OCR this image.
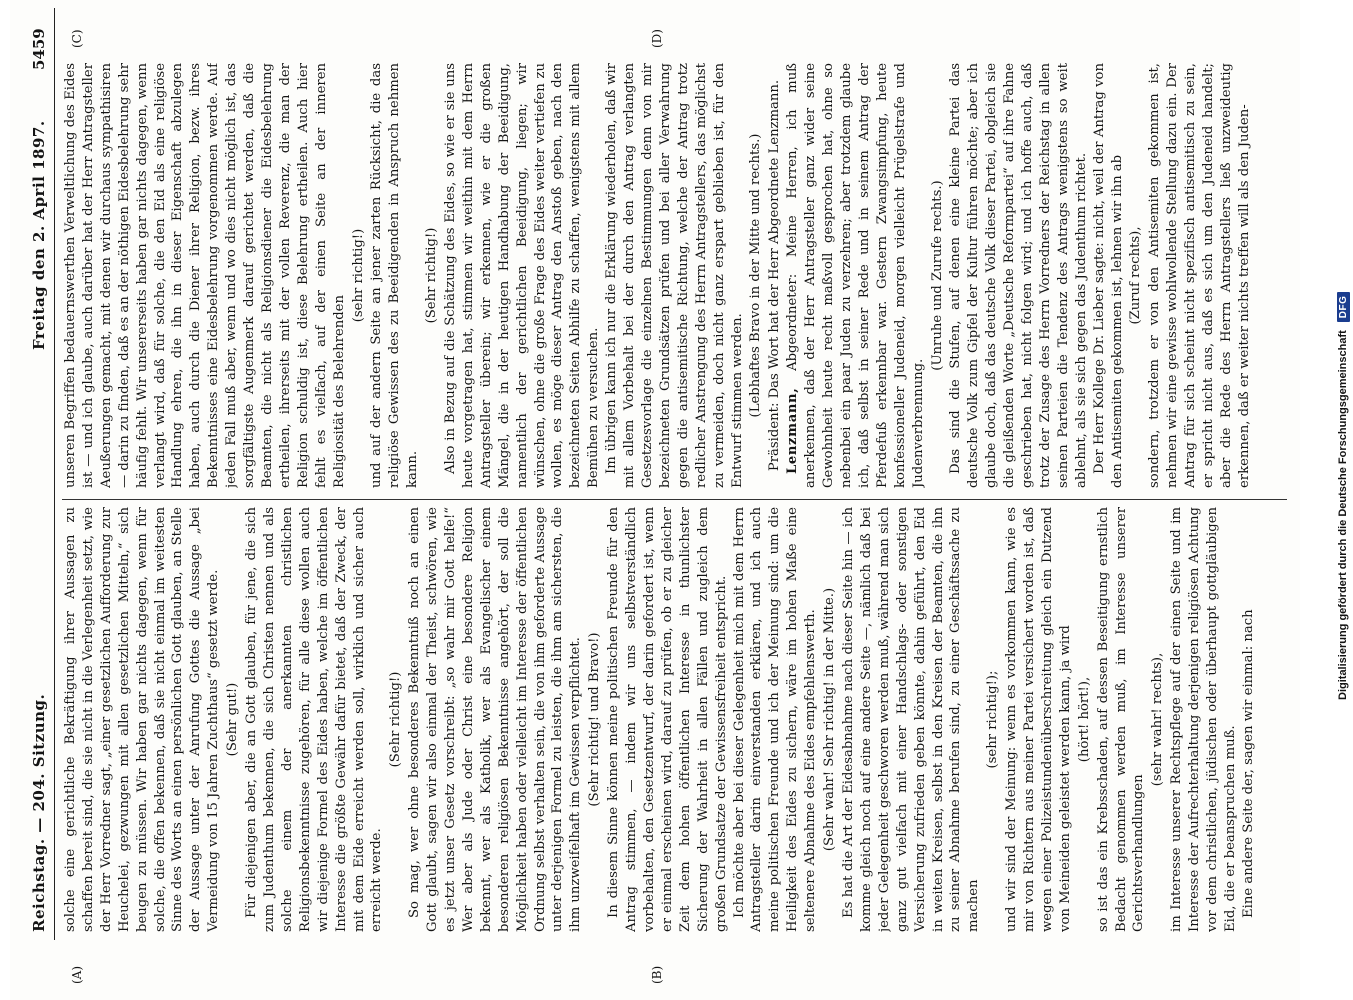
Reichstag. — 204. Sitzung.
Freitag den 2. April 1897.
5459
(A)	(B)
(C)	(D)

solche eine gerichtliche Bekräftigung ihrer Aussagen zu schaffen bereit sind, die sie nicht in die Verlegenheit setzt, wie der Herr Vorredner sagt, „einer gesetzlichen Aufforderung zur Heuchelei, gezwungen mit allen gesetzlichen Mitteln,“ sich beugen zu müssen. Wir haben gar nichts dagegen, wenn für solche, die offen bekennen, daß sie nicht einmal im weitesten Sinne des Worts an einen persönlichen Gott glauben, an Stelle der Aussage unter der Anrufung Gottes die Aussage „bei Vermeidung von 15 Jahren Zuchthaus“ gesetzt werde. (Sehr gut!) Für diejenigen aber, die an Gott glauben, für jene, die sich zum Judenthum bekennen, die sich Christen nennen und als solche einem der anerkannten christlichen Religionsbekenntnisse zugehören, für alle diese wollen auch wir diejenige Formel des Eides haben, welche im öffentlichen Interesse die größte Gewähr dafür bietet, daß der Zweck, der mit dem Eide erreicht werden soll, wirklich und sicher auch erreicht werde.

(Sehr richtig!) So mag, wer ohne besonderes Bekenntniß noch an einen Gott glaubt, sagen wir also einmal der Theist, schwören, wie es jetzt unser Gesetz vorschreibt: „so wahr mir Gott helfe!“ Wer aber als Jude oder Christ eine besondere Religion bekennt, wer als Katholik, wer als Evangelischer einem besonderen religiösen Bekenntnisse angehört, der soll die Möglichkeit haben oder vielleicht im Interesse der öffentlichen Ordnung selbst verhalten sein, die von ihm geforderte Aussage unter derjenigen Formel zu leisten, die ihm am sichersten, die ihm unzweifelhaft im Gewissen verpflichtet. (Sehr richtig! und Bravo!) In diesem Sinne können meine politischen Freunde für den Antrag stimmen, — indem wir uns selbstverständlich vorbehalten, den Gesetzentwurf, der darin gefordert ist, wenn er einmal erscheinen wird, darauf zu prüfen, ob er zu gleicher Zeit dem hohen öffentlichen Interesse in thunlichster Sicherung der Wahrheit in allen Fällen und zugleich dem großen Grundsatze der Gewissensfreiheit entspricht. Ich möchte aber bei dieser Gelegenheit mich mit dem Herrn Antragsteller darin einverstanden erklären, und ich auch meine politischen Freunde und ich der Meinung sind: um die Heiligkeit des Eides zu sichern, wäre im hohen Maße eine seltenere Abnahme des Eides empfehlenswerth. (Sehr wahr! Sehr richtig! in der Mitte.) Es hat die Art der Eidesabnahme nach dieser Seite hin — ich komme gleich noch auf eine andere Seite —, nämlich daß bei jeder Gelegenheit geschworen werden muß, während man sich ganz gut vielfach mit einer Handschlags- oder sonstigen Versicherung zufrieden geben könnte, dahin geführt, den Eid in weiten Kreisen, selbst in den Kreisen der Beamten, die ihn zu seiner Abnahme berufen sind, zu einer Geschäftssache zu machen

(sehr richtig!); und wir sind der Meinung: wenn es vorkommen kann, wie es mir von Richtern aus meiner Partei versichert worden ist, daß wegen einer Polizeistundenüberschreitung gleich ein Dutzend von Meineiden geleistet werden kann, ja wird (hört! hört!), so ist das ein Krebsschaden, auf dessen Beseitigung ernstlich Bedacht genommen werden muß, im Interesse unserer Gerichtsverhandlungen

(sehr wahr! rechts), im Interesse unserer Rechtspflege auf der einen Seite und im Interesse der Aufrechterhaltung derjenigen religiösen Achtung vor dem christlichen, jüdischen oder überhaupt gottgläubigen Eid, die er beanspruchen muß. Eine andere Seite der, sagen wir einmal: nach

unseren Begriffen bedauernswerthen Verweltlichung des Eides ist — und ich glaube, auch darüber hat der Herr Antragsteller Aeußerungen gemacht, mit denen wir durchaus sympathisiren — darin zu finden, daß es an der nöthigen Eidesbelehrung sehr häufig fehlt. Wir unsererseits haben gar nichts dagegen, wenn verlangt wird, daß für solche, die den Eid als eine religiöse Handlung ehren, die ihn in dieser Eigenschaft abzulegen haben, auch durch die Diener ihrer Religion, bezw. ihres Bekenntnisses eine Eidesbelehrung vorgenommen werde. Auf jeden Fall muß aber, wenn und wo dies nicht möglich ist, das sorgfältigste Augenmerk darauf gerichtet werden, daß die Beamten, die nicht als Religionsdiener die Eidesbelehrung ertheilen, ihrerseits mit der vollen Reverenz, die man der Religion schuldig ist, diese Belehrung ertheilen. Auch hier fehlt es vielfach, auf der einen Seite an der inneren Religiosität des Belehrenden

(sehr richtig!) und auf der andern Seite an jener zarten Rücksicht, die das religiöse Gewissen des zu Beeidigenden in Anspruch nehmen kann.

(Sehr richtig!) Also in Bezug auf die Schätzung des Eides, so wie er sie uns heute vorgetragen hat, stimmen wir weithin mit dem Herrn Antragsteller überein; wir erkennen, wie er die großen Mängel, die in der heutigen Handhabung der Beeidigung, namentlich der gerichtlichen Beeidigung, liegen; wir wünschen, ohne die große Frage des Eides weiter vertiefen zu wollen, es möge dieser Antrag den Anstoß geben, nach den bezeichneten Seiten Abhilfe zu schaffen, wenigstens mit allem Bemühen zu versuchen. Im übrigen kann ich nur die Erklärung wiederholen, daß wir mit allem Vorbehalt bei der durch den Antrag verlangten Gesetzesvorlage die einzelnen Bestimmungen denn von mir bezeichneten Grundsätzen prüfen und bei aller Verwahrung gegen die antisemitische Richtung, welche der Antrag trotz redlicher Anstrengung des Herrn Antragstellers, das möglichst zu vermeiden, doch nicht ganz erspart geblieben ist, für den Entwurf stimmen werden. (Lebhaftes Bravo in der Mitte und rechts.) Präsident: Das Wort hat der Herr Abgeordnete Lenzmann. Lenzmann, Abgeordneter: Meine Herren, ich muß anerkennen, daß der Herr Antragsteller ganz wider seine Gewohnheit heute recht maßvoll gesprochen hat, ohne so nebenbei ein paar Juden zu verzehren; aber trotzdem glaube ich, daß selbst in seiner Rede und in seinem Antrag der Pferdefuß erkennbar war. Gestern Zwangsimpfung, heute konfessioneller Judeneid, morgen vielleicht Prügelstrafe und Judenverbrennung.

(Unruhe und Zurufe rechts.) Das sind die Stufen, auf denen eine kleine Partei das deutsche Volk zum Gipfel der Kultur führen möchte; aber ich glaube doch, daß das deutsche Volk dieser Partei, obgleich sie die gleißenden Worte „Deutsche Reformpartei“ auf ihre Fahne geschrieben hat, nicht folgen wird; und ich hoffe auch, daß trotz der Zusage des Herrn Vorredners der Reichstag in allen seinen Parteien die Tendenz des Antrags wenigstens so weit ablehnt, als sie sich gegen das Judenthum richtet. Der Herr Kollege Dr. Lieber sagte: nicht, weil der Antrag von den Antisemiten gekommen ist, lehnen wir ihn ab (Zuruf rechts), sondern, trotzdem er von den Antisemiten gekommen ist, nehmen wir eine gewisse wohlwollende Stellung dazu ein. Der Antrag für sich scheint nicht spezifisch antisemitisch zu sein, er spricht nicht aus, daß es sich um den Judeneid handelt; aber die Rede des Herrn Antragstellers ließ unzweideutig erkennen, daß er weiter nichts treffen will als den Juden-

Digitalisierung gefördert durch die Deutsche Forschungsgemeinschaft
DFG
